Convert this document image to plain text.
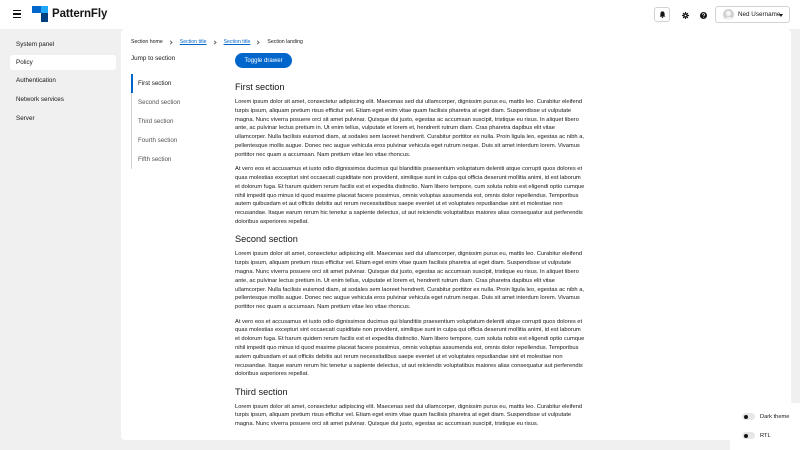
PatternFly	Ned Username
System panel
Policy
Authentication
Network services
Server
Section home	Section title	Section title	Section landing
Jump to section
First section
Second section
Third section
Fourth section
Fifth section
Toggle drawer
First section

Lorem ipsum dolor sit amet, consectetur adipiscing elit. Maecenas sed dui ullamcorper, dignissim purus eu, mattis leo. Curabitur eleifend turpis ipsum, aliquam pretium risus efficitur vel. Etiam eget enim vitae quam facilisis pharetra at eget diam. Suspendisse ut vulputate magna. Nunc viverra posuere orci sit amet pulvinar. Quisque dui justo, egestas ac accumsan suscipit, tristique eu risus. In aliquet libero ante, ac pulvinar lectus pretium in. Ut enim tellus, vulputate et lorem et, hendrerit rutrum diam. Cras pharetra dapibus elit vitae ullamcorper. Nulla facilisis euismod diam, at sodales sem laoreet hendrerit. Curabitur porttitor ex nulla. Proin ligula leo, egestas ac nibh a, pellentesque mollis augue. Donec nec augue vehicula eros pulvinar vehicula eget rutrum neque. Duis sit amet interdum lorem. Vivamus porttitor nec quam a accumsan. Nam pretium vitae leo vitae rhoncus.

At vero eos et accusamus et iusto odio dignissimos ducimus qui blanditiis praesentium voluptatum deleniti atque corrupti quos dolores et quas molestias excepturi sint occaecati cupiditate non provident, similique sunt in culpa qui officia deserunt mollitia animi, id est laborum et dolorum fuga. Et harum quidem rerum facilis est et expedita distinctio. Nam libero tempore, cum soluta nobis est eligendi optio cumque nihil impedit quo minus id quod maxime placeat facere possimus, omnis voluptas assumenda est, omnis dolor repellendus. Temporibus autem quibusdam et aut officiis debitis aut rerum necessitatibus saepe eveniet ut et voluptates repudiandae sint et molestiae non recusandae. Itaque earum rerum hic tenetur a sapiente delectus, ut aut reiciendis voluptatibus maiores alias consequatur aut perferendis doloribus asperiores repellat.

Second section

Lorem ipsum dolor sit amet, consectetur adipiscing elit. Maecenas sed dui ullamcorper, dignissim purus eu, mattis leo. Curabitur eleifend turpis ipsum, aliquam pretium risus efficitur vel. Etiam eget enim vitae quam facilisis pharetra at eget diam. Suspendisse ut vulputate magna. Nunc viverra posuere orci sit amet pulvinar. Quisque dui justo, egestas ac accumsan suscipit, tristique eu risus. In aliquet libero ante, ac pulvinar lectus pretium in. Ut enim tellus, vulputate et lorem et, hendrerit rutrum diam. Cras pharetra dapibus elit vitae ullamcorper. Nulla facilisis euismod diam, at sodales sem laoreet hendrerit. Curabitur porttitor ex nulla. Proin ligula leo, egestas ac nibh a, pellentesque mollis augue. Donec nec augue vehicula eros pulvinar vehicula eget rutrum neque. Duis sit amet interdum lorem. Vivamus porttitor nec quam a accumsan. Nam pretium vitae leo vitae rhoncus.

At vero eos et accusamus et iusto odio dignissimos ducimus qui blanditiis praesentium voluptatum deleniti atque corrupti quos dolores et quas molestias excepturi sint occaecati cupiditate non provident, similique sunt in culpa qui officia deserunt mollitia animi, id est laborum et dolorum fuga. Et harum quidem rerum facilis est et expedita distinctio. Nam libero tempore, cum soluta nobis est eligendi optio cumque nihil impedit quo minus id quod maxime placeat facere possimus, omnis voluptas assumenda est, omnis dolor repellendus. Temporibus autem quibusdam et aut officiis debitis aut rerum necessitatibus saepe eveniet ut et voluptates repudiandae sint et molestiae non recusandae. Itaque earum rerum hic tenetur a sapiente delectus, ut aut reiciendis voluptatibus maiores alias consequatur aut perferendis doloribus asperiores repellat.

Third section

Lorem ipsum dolor sit amet, consectetur adipiscing elit. Maecenas sed dui ullamcorper, dignissim purus eu, mattis leo. Curabitur eleifend turpis ipsum, aliquam pretium risus efficitur vel. Etiam eget enim vitae quam facilisis pharetra at eget diam. Suspendisse ut vulputate magna. Nunc viverra posuere orci sit amet pulvinar. Quisque dui justo, egestas ac accumsan suscipit, tristique eu risus.

Dark theme
RTL
